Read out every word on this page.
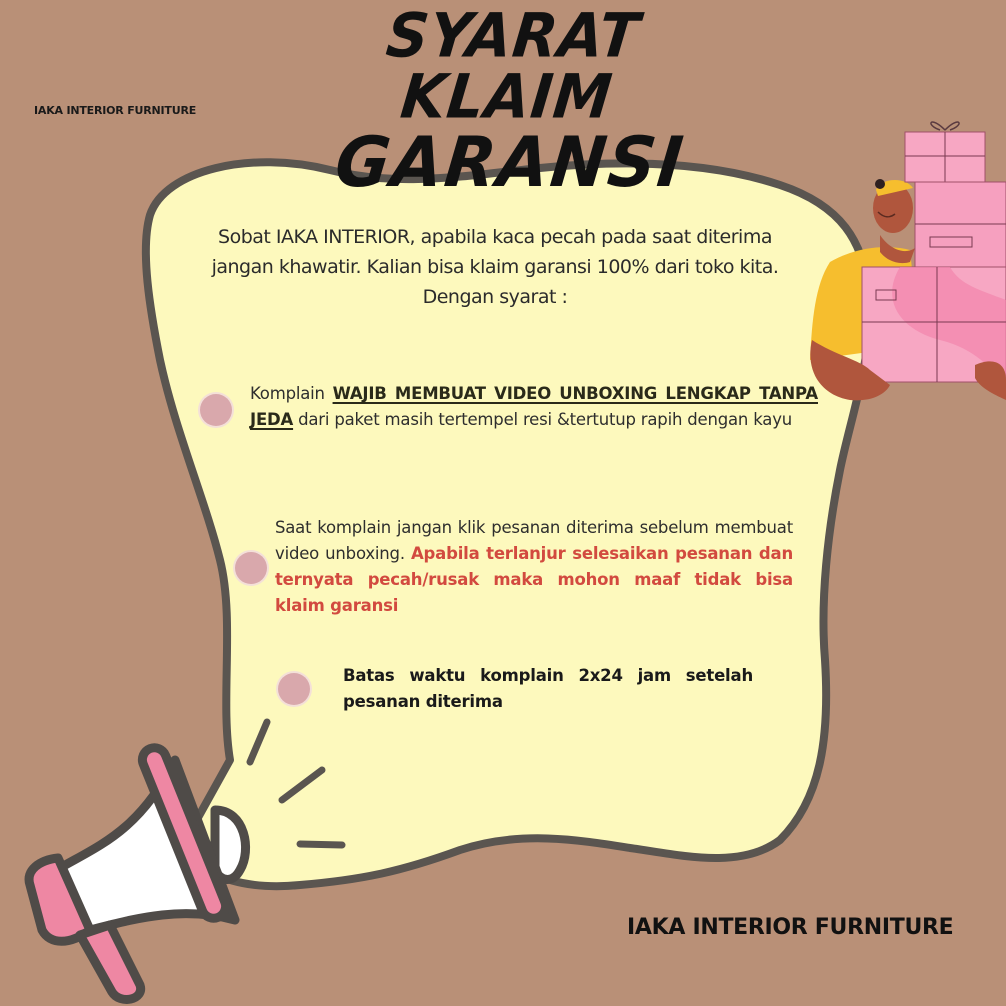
IAKA INTERIOR FURNITURE
SYARAT KLAIM
GARANSI
Sobat IAKA INTERIOR, apabila kaca pecah pada saat diterima
jangan khawatir. Kalian bisa klaim garansi 100% dari toko kita.
Dengan syarat :
Komplain WAJIB MEMBUAT VIDEO UNBOXING LENGKAP TANPA JEDA dari paket masih tertempel resi &tertutup rapih dengan kayu
Saat komplain jangan klik pesanan diterima sebelum membuat video unboxing. Apabila terlanjur selesaikan pesanan dan ternyata pecah/rusak maka mohon maaf tidak bisa klaim garansi
Batas waktu komplain 2x24 jam setelah pesanan diterima
IAKA INTERIOR FURNITURE
